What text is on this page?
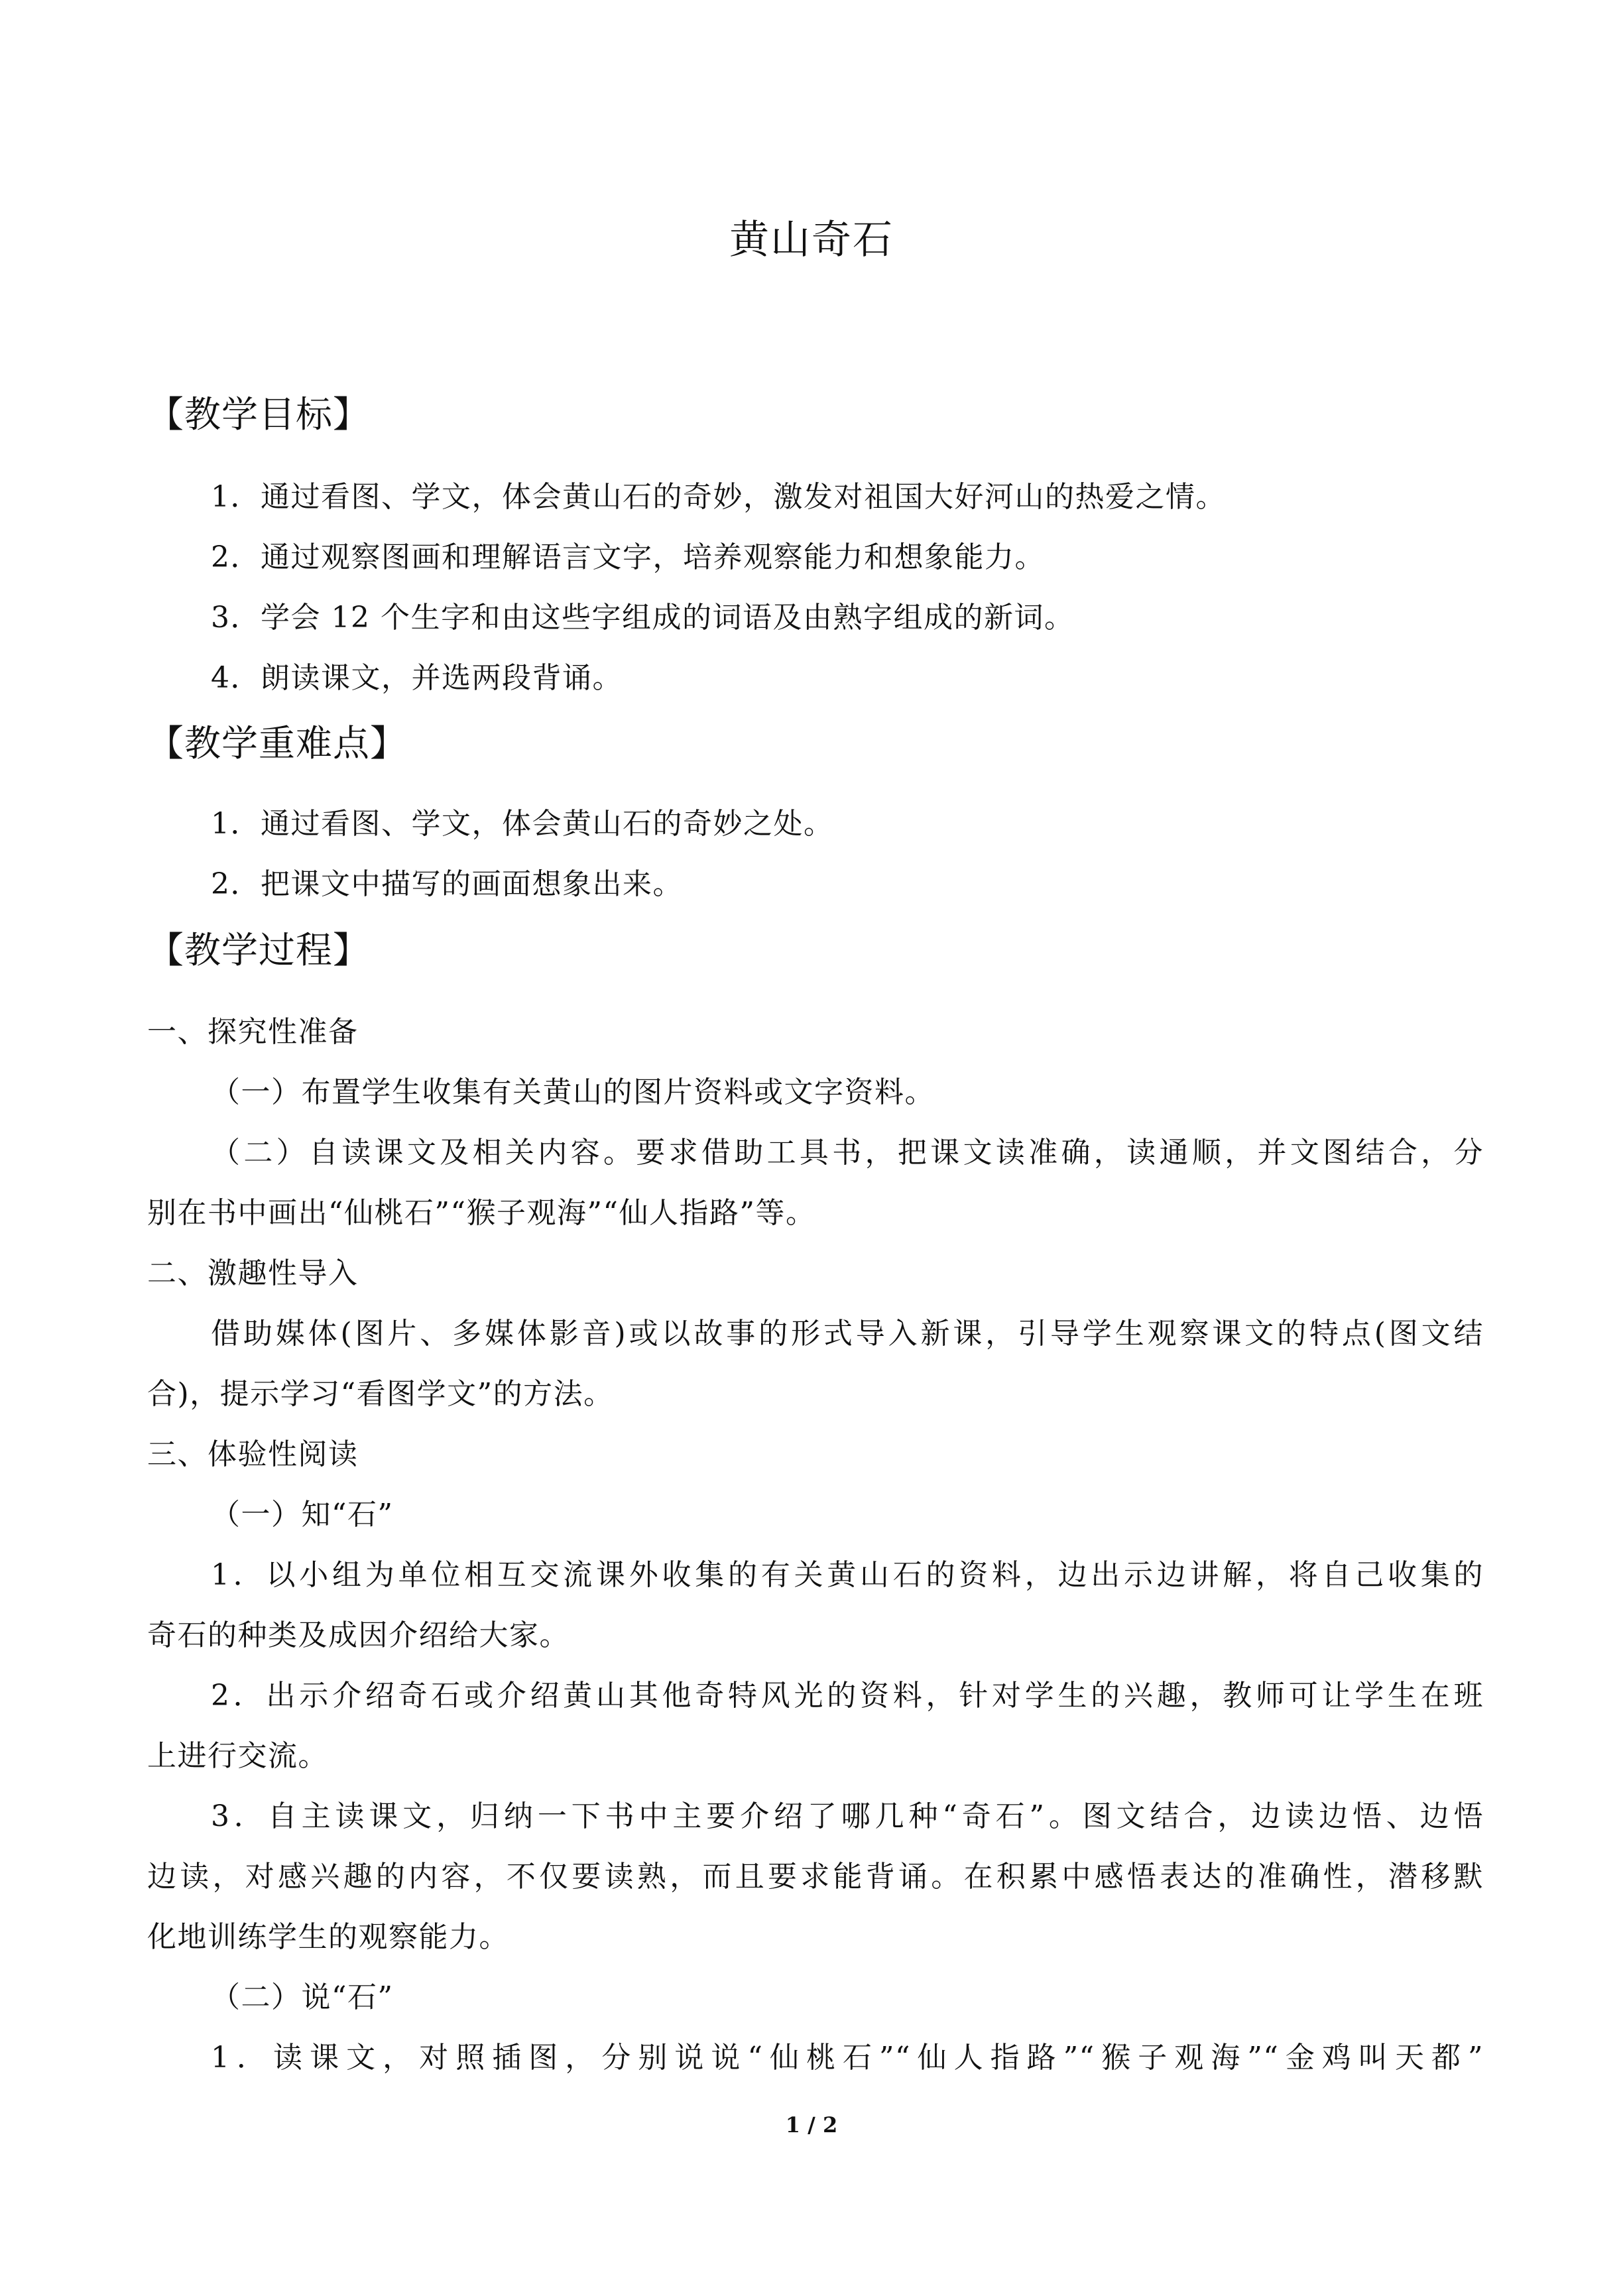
黄山奇石
【教学目标】
1．通过看图、学文，体会黄山石的奇妙，激发对祖国大好河山的热爱之情。
2．通过观察图画和理解语言文字，培养观察能力和想象能力。
3．学会 12 个生字和由这些字组成的词语及由熟字组成的新词。
4．朗读课文，并选两段背诵。
【教学重难点】
1．通过看图、学文，体会黄山石的奇妙之处。
2．把课文中描写的画面想象出来。
【教学过程】
一、探究性准备
（一）布置学生收集有关黄山的图片资料或文字资料。
（二）自读课文及相关内容。要求借助工具书，把课文读准确，读通顺，并文图结合，分
别在书中画出“仙桃石”“猴子观海”“仙人指路”等。
二、激趣性导入
借助媒体(图片、多媒体影音)或以故事的形式导入新课，引导学生观察课文的特点(图文结
合)，提示学习“看图学文”的方法。
三、体验性阅读
（一）知“石”
1．以小组为单位相互交流课外收集的有关黄山石的资料，边出示边讲解，将自己收集的
奇石的种类及成因介绍给大家。
2．出示介绍奇石或介绍黄山其他奇特风光的资料，针对学生的兴趣，教师可让学生在班
上进行交流。
3．自主读课文，归纳一下书中主要介绍了哪几种“奇石”。图文结合，边读边悟、边悟
边读，对感兴趣的内容，不仅要读熟，而且要求能背诵。在积累中感悟表达的准确性，潜移默
化地训练学生的观察能力。
（二）说“石”
1．读课文，对照插图，分别说说“仙桃石”“仙人指路”“猴子观海”“金鸡叫天都”
1 / 2
